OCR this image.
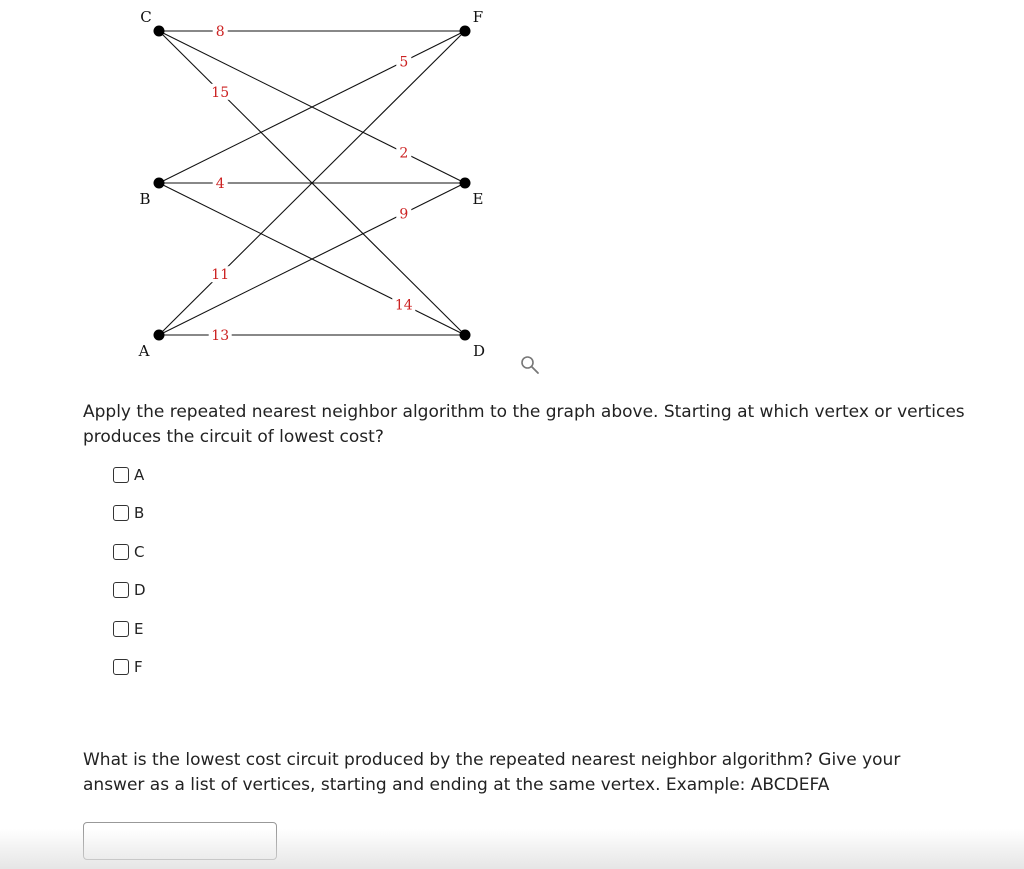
8
2
15
5
4
14
11
9
13
C
B
A
F
E
D
Apply the repeated nearest neighbor algorithm to the graph above. Starting at which vertex or vertices produces the circuit of lowest cost?
A
B
C
D
E
F
What is the lowest cost circuit produced by the repeated nearest neighbor algorithm? Give your answer as a list of vertices, starting and ending at the same vertex. Example: ABCDEFA
